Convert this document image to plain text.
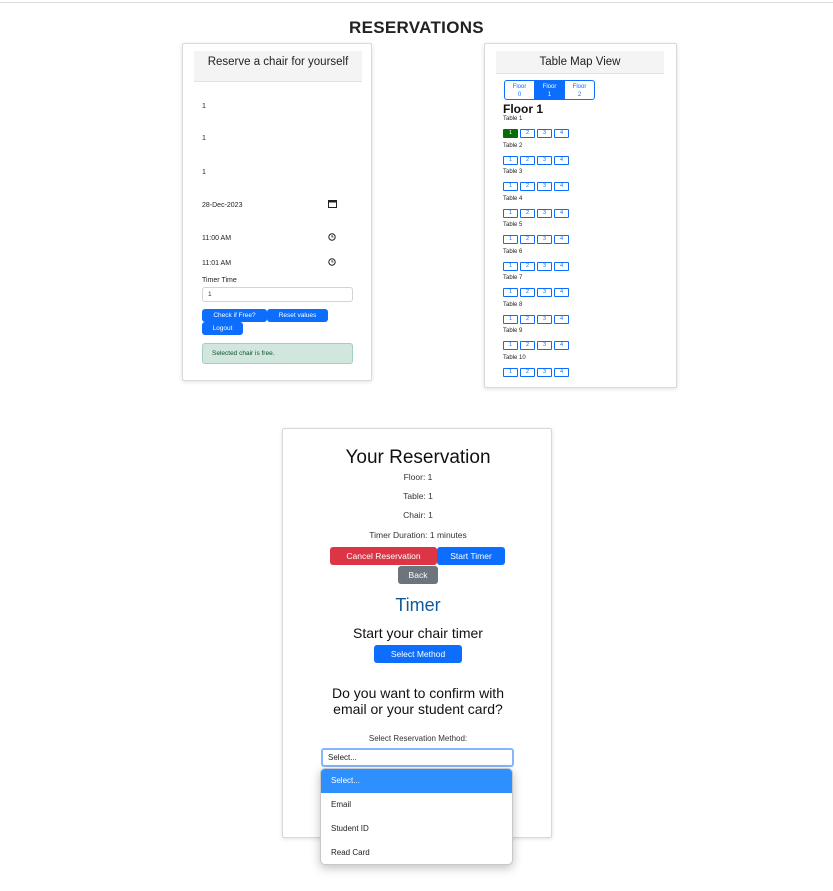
RESERVATIONS
Reserve a chair for yourself
1
1
1
28-Dec-2023
11:00 AM
11:01 AM
Timer Time
1
Check if Free?	Reset values
Logout
Selected chair is free.
Table Map View
Floor
0
Floor
1
Floor
2
Floor 1
Table 1
1	2	3	4
Table 2
1	2	3	4
Table 3
1	2	3	4
Table 4
1	2	3	4
Table 5
1	2	3	4
Table 6
1	2	3	4
Table 7
1	2	3	4
Table 8
1	2	3	4
Table 9
1	2	3	4
Table 10
1	2	3	4
Your Reservation
Floor: 1
Table: 1
Chair: 1
Timer Duration: 1 minutes
Cancel Reservation	Start Timer
Back
Timer
Start your chair timer
Select Method
Do you want to confirm with email or your student card?
Select Reservation Method:
Select...
Select...
Email
Student ID
Read Card
